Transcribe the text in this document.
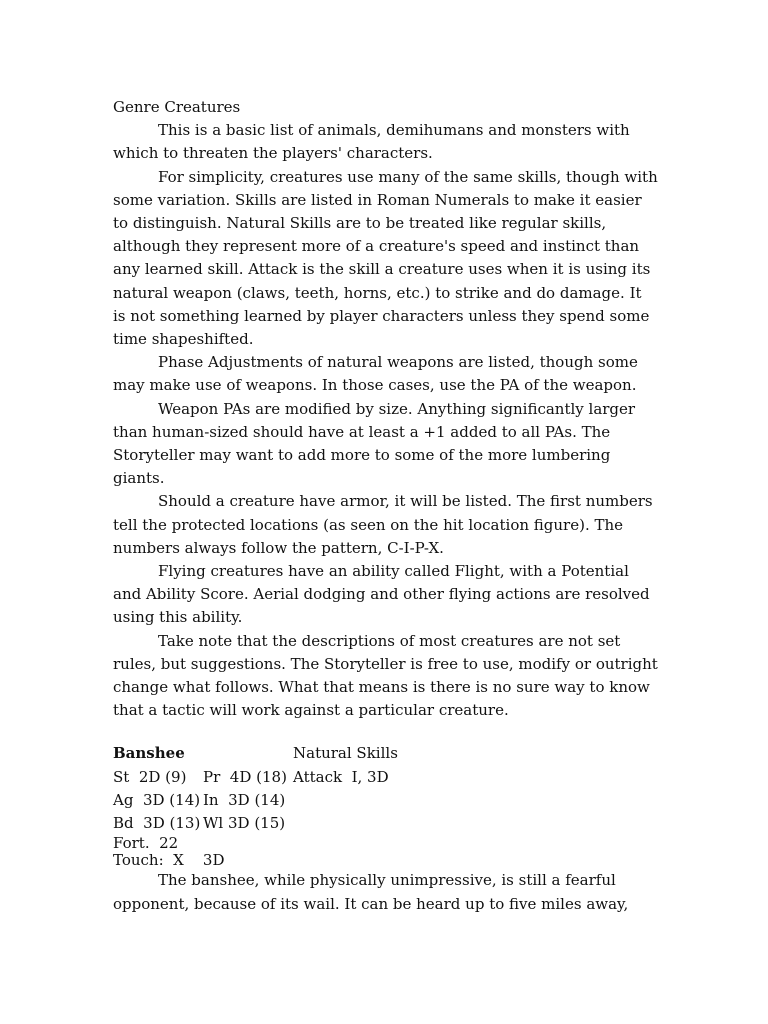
Genre Creatures

This is a basic list of animals, demihumans and monsters with which to threaten the players' characters.

For simplicity, creatures use many of the same skills, though with some variation. Skills are listed in Roman Numerals to make it easier to distinguish. Natural Skills are to be treated like regular skills, although they represent more of a creature's speed and instinct than any learned skill. Attack is the skill a creature uses when it is using its natural weapon (claws, teeth, horns, etc.) to strike and do damage. It is not something learned by player characters unless they spend some time shapeshifted.

Phase Adjustments of natural weapons are listed, though some may make use of weapons. In those cases, use the PA of the weapon.

Weapon PAs are modified by size. Anything significantly larger than human-sized should have at least a +1 added to all PAs. The Storyteller may want to add more to some of the more lumbering giants.

Should a creature have armor, it will be listed. The first numbers tell the protected locations (as seen on the hit location figure). The numbers always follow the pattern, C-I-P-X.

Flying creatures have an ability called Flight, with a Potential and Ability Score. Aerial dodging and other flying actions are resolved using this ability.

Take note that the descriptions of most creatures are not set rules, but suggestions. The Storyteller is free to use, modify or outright change what follows. What that means is there is no sure way to know that a tactic will work against a particular creature.

Banshee	Natural Skills
St  2D (9)	Pr  4D (18) Attack  I, 3D
Ag  3D (14) In  3D (14)
Bd  3D (13) Wl 3D (15)
Fort.  22
Touch:  X    3D

The banshee, while physically unimpressive, is still a fearful opponent, because of its wail. It can be heard up to five miles away,
